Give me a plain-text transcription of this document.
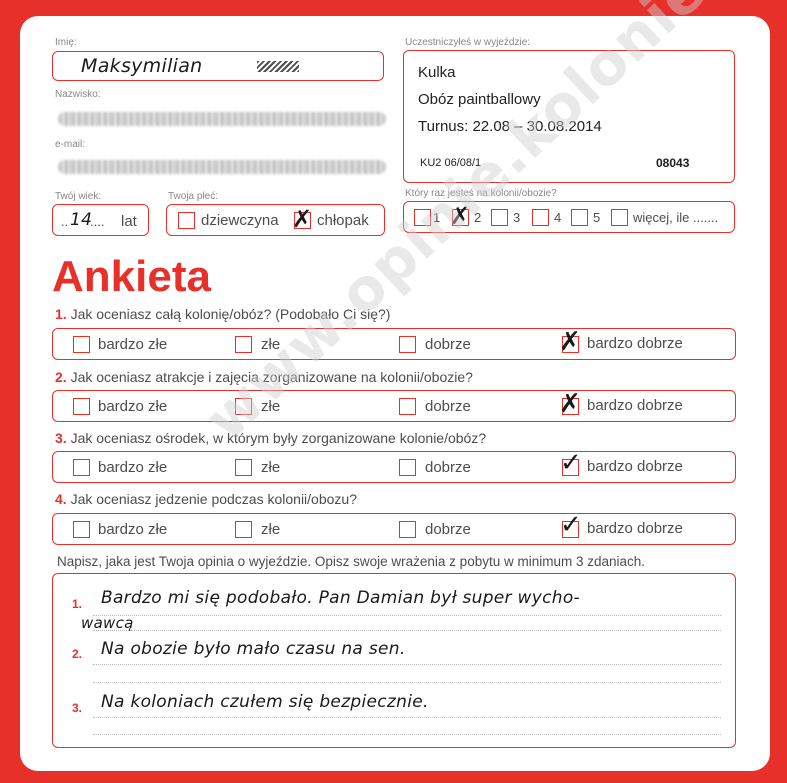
Imię:
Maksymilian
Nazwisko:
e-mail:
Twój wiek:
.. 14
.... lat
Twoja płeć:
dziewczyna ✗ chłopak
Uczestniczyłeś w wyjeździe:
Kulka
Obóz paintballowy
Turnus: 22.08 – 30.08.2014
KU2 06/08/1	08043
Który raz jesteś na kolonii/obozie?
1 ✗ 2 3	4 5	więcej, ile .......
Ankieta
1. Jak oceniasz całą kolonię/obóz? (Podobało Ci się?)
bardzo złe	złe	dobrze	✗ bardzo dobrze
2. Jak oceniasz atrakcje i zajęcia zorganizowane na kolonii/obozie?
bardzo złe	złe	dobrze	✗ bardzo dobrze
3. Jak oceniasz ośrodek, w którym były zorganizowane kolonie/obóz?
bardzo złe	złe	dobrze	✓ bardzo dobrze
4. Jak oceniasz jedzenie podczas kolonii/obozu?
bardzo złe	złe	dobrze	✓ bardzo dobrze
Napisz, jaka jest Twoja opinia o wyjeździe. Opisz swoje wrażenia z pobytu w minimum 3 zdaniach.
1. Bardzo mi się podobało. Pan Damian był super wycho-
wawcą
2. Na obozie było mało czasu na sen.
3. Na koloniach czułem się bezpiecznie.
